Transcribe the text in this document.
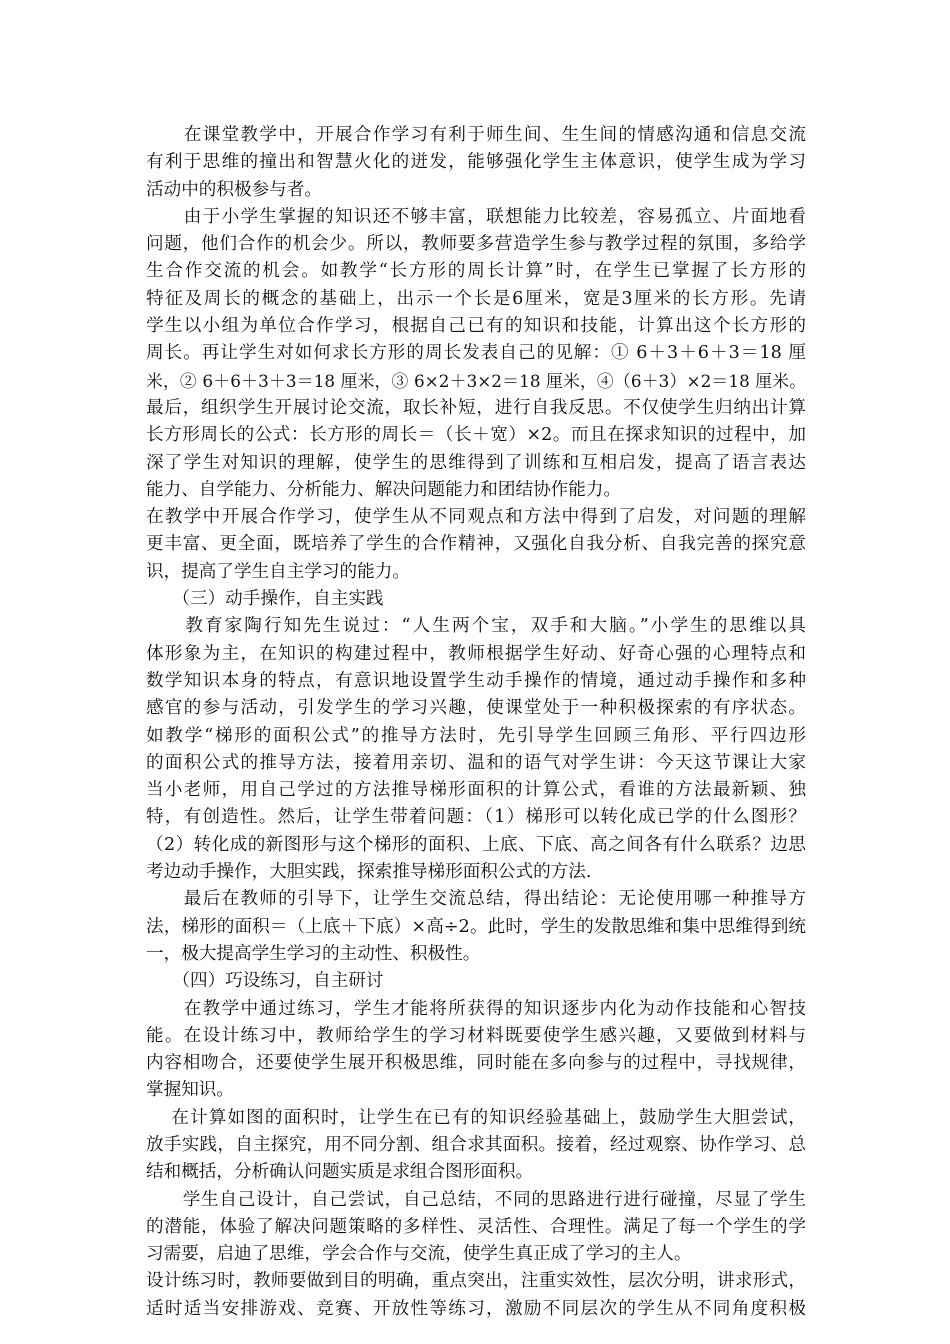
　　在课堂教学中，开展合作学习有利于师生间、生生间的情感沟通和信息交流
有利于思维的撞出和智慧火化的迸发，能够强化学生主体意识，使学生成为学习
活动中的积极参与者。
　　由于小学生掌握的知识还不够丰富，联想能力比较差，容易孤立、片面地看
问题，他们合作的机会少。所以，教师要多营造学生参与教学过程的氛围，多给学
生合作交流的机会。如教学“长方形的周长计算”时，在学生已掌握了长方形的
特征及周长的概念的基础上，出示一个长是6厘米，宽是3厘米的长方形。先请
学生以小组为单位合作学习，根据自己已有的知识和技能，计算出这个长方形的
周长。再让学生对如何求长方形的周长发表自己的见解：① 6＋3＋6＋3＝18 厘
米，② 6＋6＋3＋3＝18 厘米，③ 6×2＋3×2＝18 厘米，④（6＋3）×2＝18 厘米。
最后，组织学生开展讨论交流，取长补短，进行自我反思。不仅使学生归纳出计算
长方形周长的公式：长方形的周长＝（长＋宽）×2。而且在探求知识的过程中，加
深了学生对知识的理解，使学生的思维得到了训练和互相启发，提高了语言表达
能力、自学能力、分析能力、解决问题能力和团结协作能力。
在教学中开展合作学习，使学生从不同观点和方法中得到了启发，对问题的理解
更丰富、更全面，既培养了学生的合作精神，又强化自我分析、自我完善的探究意
识，提高了学生自主学习的能力。
　　（三）动手操作，自主实践
　　教育家陶行知先生说过：“人生两个宝，双手和大脑。”小学生的思维以具
体形象为主，在知识的构建过程中，教师根据学生好动、好奇心强的心理特点和
数学知识本身的特点，有意识地设置学生动手操作的情境，通过动手操作和多种
感官的参与活动，引发学生的学习兴趣，使课堂处于一种积极探索的有序状态。
如教学“梯形的面积公式”的推导方法时，先引导学生回顾三角形、平行四边形
的面积公式的推导方法，接着用亲切、温和的语气对学生讲：今天这节课让大家
当小老师，用自己学过的方法推导梯形面积的计算公式，看谁的方法最新颖、独
特，有创造性。然后，让学生带着问题：（1）梯形可以转化成已学的什么图形？
（2）转化成的新图形与这个梯形的面积、上底、下底、高之间各有什么联系？边思
考边动手操作，大胆实践，探索推导梯形面积公式的方法.
　　最后在教师的引导下，让学生交流总结，得出结论：无论使用哪一种推导方
法，梯形的面积＝（上底＋下底）×高÷2。此时，学生的发散思维和集中思维得到统
一，极大提高学生学习的主动性、积极性。
　　（四）巧设练习，自主研讨
　　在教学中通过练习，学生才能将所获得的知识逐步内化为动作技能和心智技
能。在设计练习中，教师给学生的学习材料既要使学生感兴趣，又要做到材料与
内容相吻合，还要使学生展开积极思维，同时能在多向参与的过程中，寻找规律，
掌握知识。
　 在计算如图的面积时，让学生在已有的知识经验基础上，鼓励学生大胆尝试，
放手实践，自主探究，用不同分割、组合求其面积。接着，经过观察、协作学习、总
结和概括，分析确认问题实质是求组合图形面积。
　　学生自己设计，自己尝试，自己总结，不同的思路进行进行碰撞，尽显了学生
的潜能，体验了解决问题策略的多样性、灵活性、合理性。满足了每一个学生的学
习需要，启迪了思维，学会合作与交流，使学生真正成了学习的主人。
设计练习时，教师要做到目的明确，重点突出，注重实效性，层次分明，讲求形式，
适时适当安排游戏、竞赛、开放性等练习，激励不同层次的学生从不同角度积极
